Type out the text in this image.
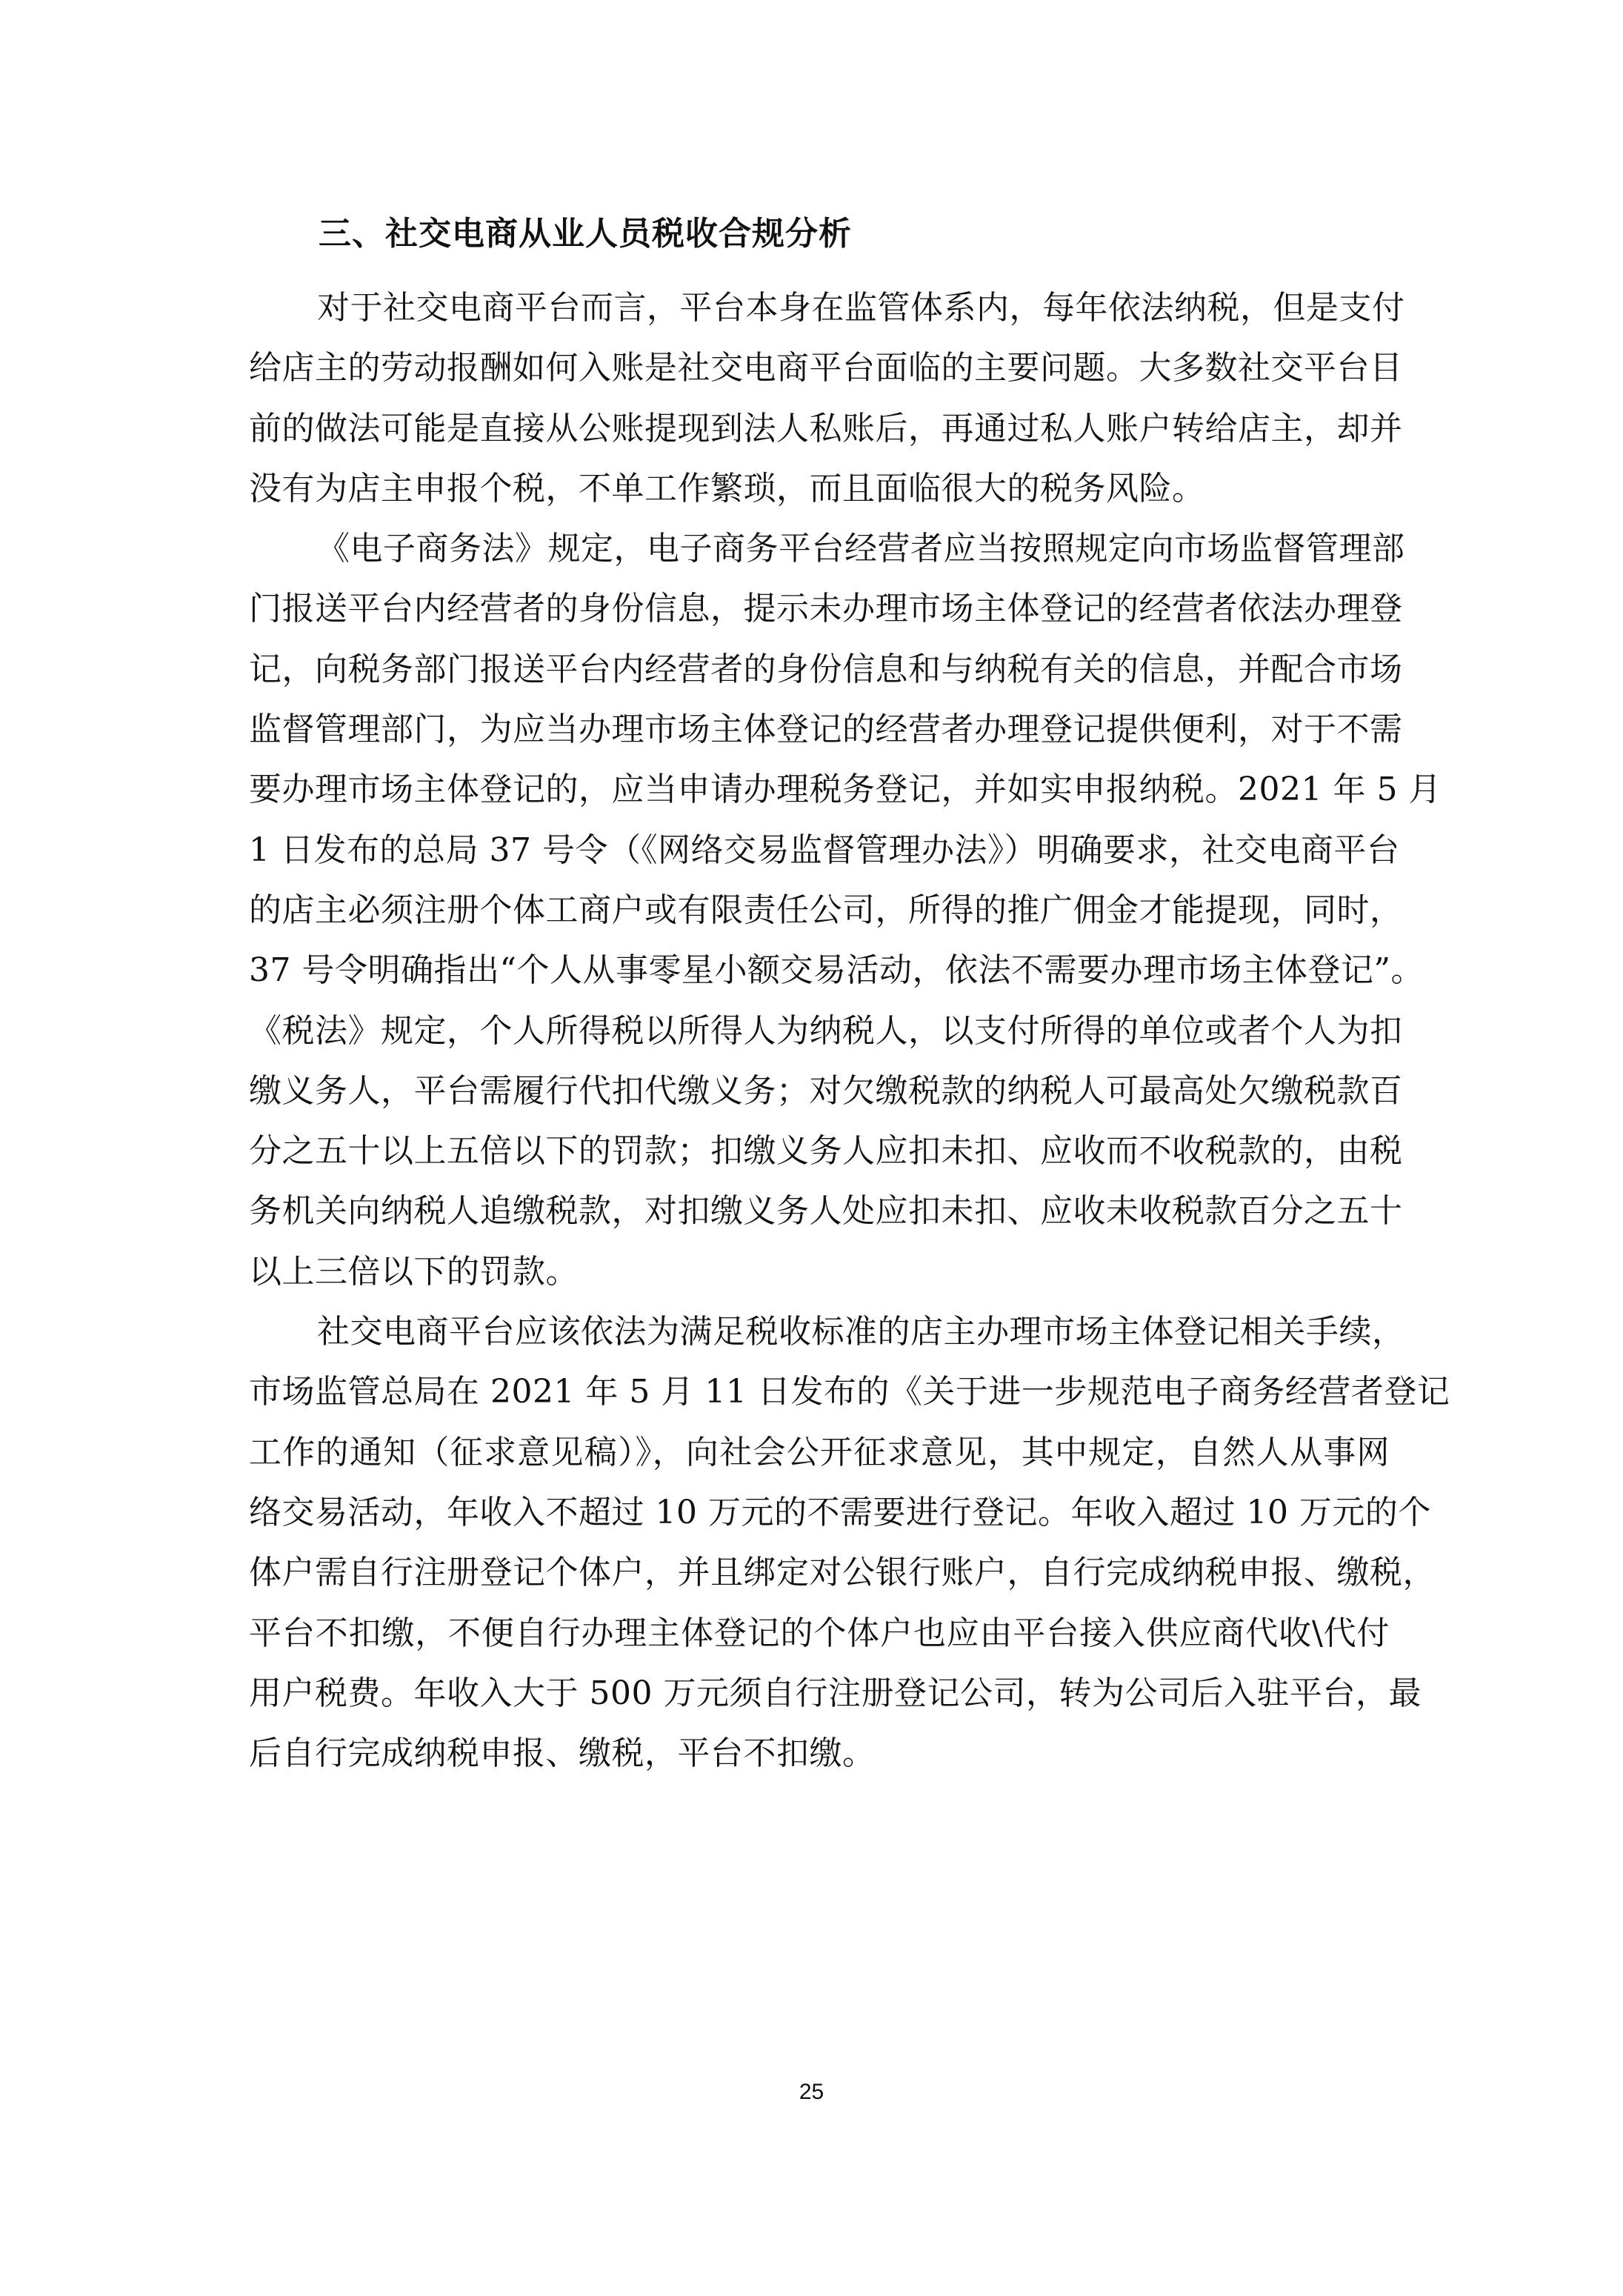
三、社交电商从业人员税收合规分析
对于社交电商平台而言，平台本身在监管体系内，每年依法纳税，但是支付
给店主的劳动报酬如何入账是社交电商平台面临的主要问题。大多数社交平台目
前的做法可能是直接从公账提现到法人私账后，再通过私人账户转给店主，却并
没有为店主申报个税，不单工作繁琐，而且面临很大的税务风险。
《电子商务法》规定，电子商务平台经营者应当按照规定向市场监督管理部
门报送平台内经营者的身份信息，提示未办理市场主体登记的经营者依法办理登
记，向税务部门报送平台内经营者的身份信息和与纳税有关的信息，并配合市场
监督管理部门，为应当办理市场主体登记的经营者办理登记提供便利，对于不需
要办理市场主体登记的，应当申请办理税务登记，并如实申报纳税。2021 年 5 月
1 日发布的总局 37 号令（《网络交易监督管理办法》）明确要求，社交电商平台
的店主必须注册个体工商户或有限责任公司，所得的推广佣金才能提现，同时，
37 号令明确指出“个人从事零星小额交易活动，依法不需要办理市场主体登记”。
《税法》规定，个人所得税以所得人为纳税人，以支付所得的单位或者个人为扣
缴义务人，平台需履行代扣代缴义务；对欠缴税款的纳税人可最高处欠缴税款百
分之五十以上五倍以下的罚款；扣缴义务人应扣未扣、应收而不收税款的，由税
务机关向纳税人追缴税款，对扣缴义务人处应扣未扣、应收未收税款百分之五十
以上三倍以下的罚款。
社交电商平台应该依法为满足税收标准的店主办理市场主体登记相关手续，
市场监管总局在 2021 年 5 月 11 日发布的《关于进一步规范电子商务经营者登记
工作的通知（征求意见稿）》，向社会公开征求意见，其中规定，自然人从事网
络交易活动，年收入不超过 10 万元的不需要进行登记。年收入超过 10 万元的个
体户需自行注册登记个体户，并且绑定对公银行账户，自行完成纳税申报、缴税，
平台不扣缴，不便自行办理主体登记的个体户也应由平台接入供应商代收\代付
用户税费。年收入大于 500 万元须自行注册登记公司，转为公司后入驻平台，最
后自行完成纳税申报、缴税，平台不扣缴。
25
